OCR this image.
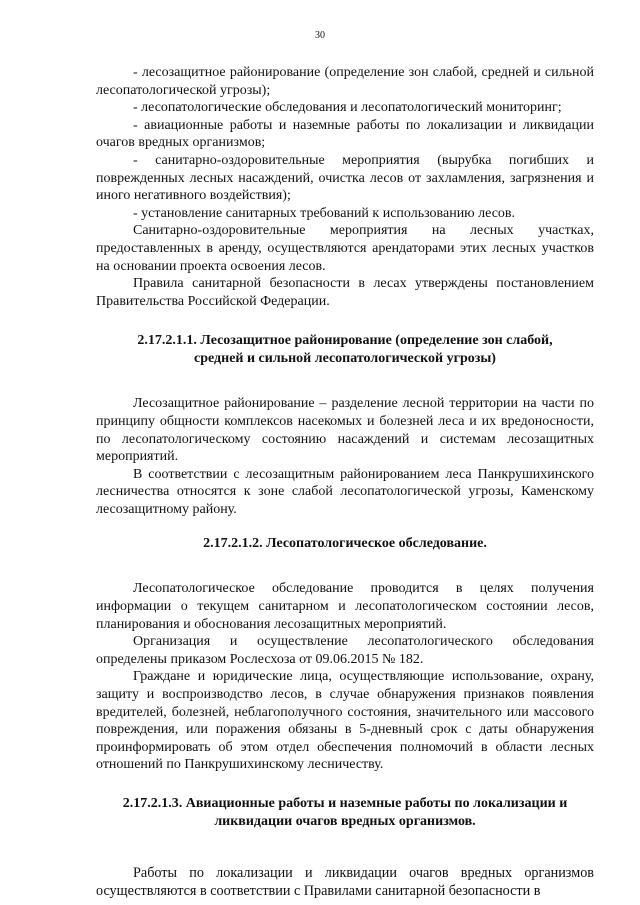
30

- лесозащитное районирование (определение зон слабой, средней и сильной лесопатологической угрозы);

- лесопатологические обследования и лесопатологический мониторинг;

- авиационные работы и наземные работы по локализации и ликвидации очагов вредных организмов;

- санитарно-оздоровительные мероприятия (вырубка погибших и поврежденных лесных насаждений, очистка лесов от захламления, загрязнения и иного негативного воздействия);

- установление санитарных требований к использованию лесов.

Санитарно-оздоровительные мероприятия на лесных участках, предоставленных в аренду, осуществляются арендаторами этих лесных участков на основании проекта освоения лесов.

Правила санитарной безопасности в лесах утверждены постановлением Правительства Российской Федерации.

2.17.2.1.1. Лесозащитное районирование (определение зон слабой,
средней и сильной лесопатологической угрозы)

Лесозащитное районирование – разделение лесной территории на части по принципу общности комплексов насекомых и болезней леса и их вредоносности, по лесопатологическому состоянию насаждений и системам лесозащитных мероприятий.

В соответствии с лесозащитным районированием леса Панкрушихинского лесничества относятся к зоне слабой лесопатологической угрозы, Каменскому лесозащитному району.

2.17.2.1.2. Лесопатологическое обследование.

Лесопатологическое обследование проводится в целях получения информации о текущем санитарном и лесопатологическом состоянии лесов, планирования и обоснования лесозащитных мероприятий.

Организация и осуществление лесопатологического обследования определены приказом Рослесхоза от 09.06.2015 № 182.

Граждане и юридические лица, осуществляющие использование, охрану, защиту и воспроизводство лесов, в случае обнаружения признаков появления вредителей, болезней, неблагополучного состояния, значительного или массового повреждения, или поражения обязаны в 5-дневный срок с даты обнаружения проинформировать об этом отдел обеспечения полномочий в области лесных отношений по Панкрушихинскому лесничеству.

2.17.2.1.3. Авиационные работы и наземные работы по локализации и
ликвидации очагов вредных организмов.

Работы по локализации и ликвидации очагов вредных организмов осуществляются в соответствии с Правилами санитарной безопасности в
